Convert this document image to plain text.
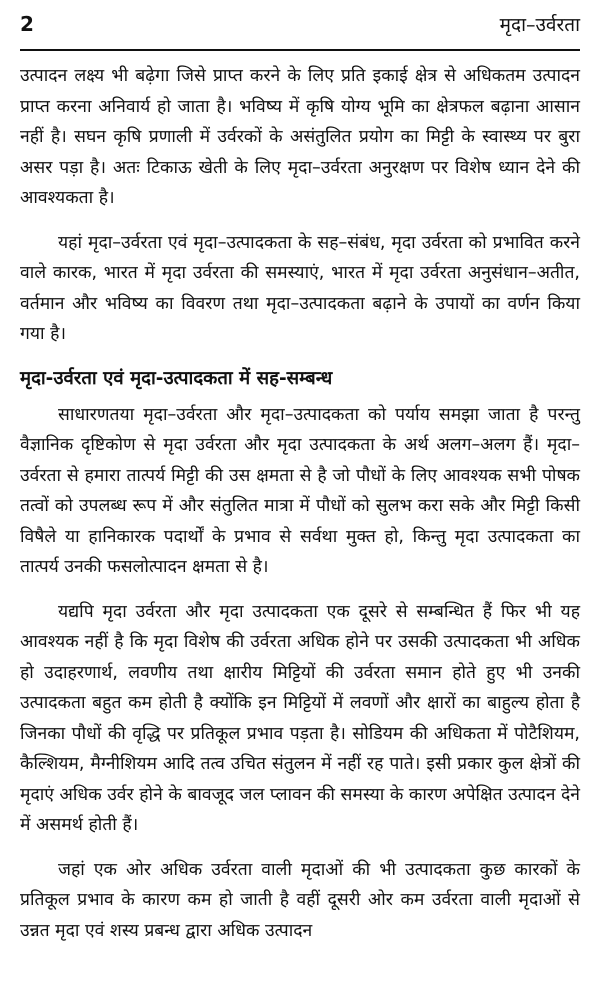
2	मृदा–उर्वरता

उत्पादन लक्ष्य भी बढ़ेगा जिसे प्राप्त करने के लिए प्रति इकाई क्षेत्र से अधिकतम उत्पादन प्राप्त करना अनिवार्य हो जाता है। भविष्य में कृषि योग्य भूमि का क्षेत्रफल बढ़ाना आसान नहीं है। सघन कृषि प्रणाली में उर्वरकों के असंतुलित प्रयोग का मिट्टी के स्वास्थ्य पर बुरा असर पड़ा है। अतः टिकाऊ खेती के लिए मृदा–उर्वरता अनुरक्षण पर विशेष ध्यान देने की आवश्यकता है।

यहां मृदा–उर्वरता एवं मृदा–उत्पादकता के सह–संबंध, मृदा उर्वरता को प्रभावित करने वाले कारक, भारत में मृदा उर्वरता की समस्याएं, भारत में मृदा उर्वरता अनुसंधान–अतीत, वर्तमान और भविष्य का विवरण तथा मृदा–उत्पादकता बढ़ाने के उपायों का वर्णन किया गया है।

मृदा-उर्वरता एवं मृदा-उत्पादकता में सह-सम्बन्ध

साधारणतया मृदा–उर्वरता और मृदा–उत्पादकता को पर्याय समझा जाता है परन्तु वैज्ञानिक दृष्टिकोण से मृदा उर्वरता और मृदा उत्पादकता के अर्थ अलग–अलग हैं। मृदा–उर्वरता से हमारा तात्पर्य मिट्टी की उस क्षमता से है जो पौधों के लिए आवश्यक सभी पोषक तत्वों को उपलब्ध रूप में और संतुलित मात्रा में पौधों को सुलभ करा सके और मिट्टी किसी विषैले या हानिकारक पदार्थों के प्रभाव से सर्वथा मुक्त हो, किन्तु मृदा उत्पादकता का तात्पर्य उनकी फसलोत्पादन क्षमता से है।

यद्यपि मृदा उर्वरता और मृदा उत्पादकता एक दूसरे से सम्बन्धित हैं फिर भी यह आवश्यक नहीं है कि मृदा विशेष की उर्वरता अधिक होने पर उसकी उत्पादकता भी अधिक हो उदाहरणार्थ, लवणीय तथा क्षारीय मिट्टियों की उर्वरता समान होते हुए भी उनकी उत्पादकता बहुत कम होती है क्योंकि इन मिट्टियों में लवणों और क्षारों का बाहुल्य होता है जिनका पौधों की वृद्धि पर प्रतिकूल प्रभाव पड़ता है। सोडियम की अधिकता में पोटैशियम, कैल्शियम, मैग्नीशियम आदि तत्व उचित संतुलन में नहीं रह पाते। इसी प्रकार कुल क्षेत्रों की मृदाएं अधिक उर्वर होने के बावजूद जल प्लावन की समस्या के कारण अपेक्षित उत्पादन देने में असमर्थ होती हैं।

जहां एक ओर अधिक उर्वरता वाली मृदाओं की भी उत्पादकता कुछ कारकों के प्रतिकूल प्रभाव के कारण कम हो जाती है वहीं दूसरी ओर कम उर्वरता वाली मृदाओं से उन्नत मृदा एवं शस्य प्रबन्ध द्वारा अधिक उत्पादन
